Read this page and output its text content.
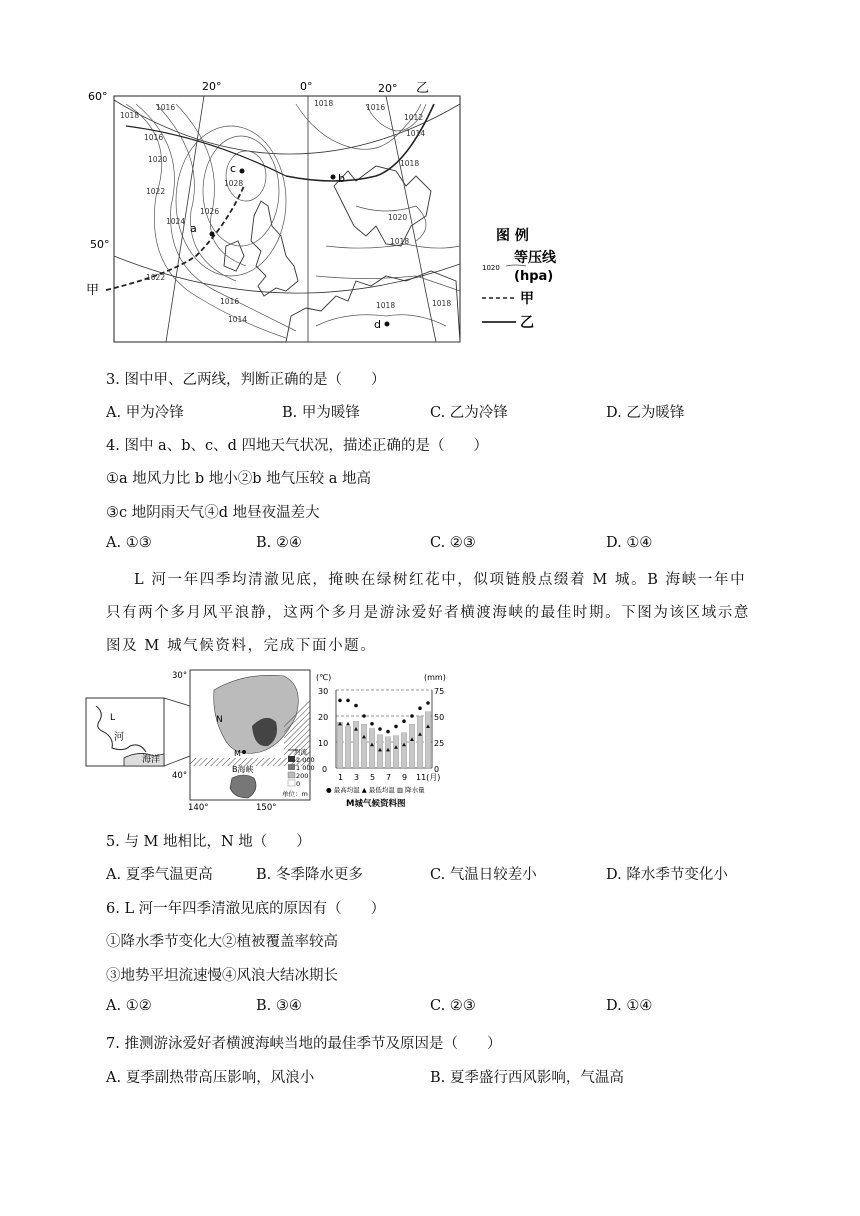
60°
50°
20°	0°	20°
甲
乙
a
b
c
d
1016	1018
1018
1016
1014
1012
1018
1016
1020
1022
1024
1026
1028
1020
1018
1022
1016
1014
1018	1018
图 例
等压线
1020
(hpa)
甲
乙
3. 图中甲、乙两线，判断正确的是（　　）
A. 甲为冷锋	B. 甲为暖锋	C. 乙为冷锋	D. 乙为暖锋
4. 图中 a、b、c、d 四地天气状况，描述正确的是（　　）
①a 地风力比 b 地小②b 地气压较 a 地高
③c 地阴雨天气④d 地昼夜温差大
A. ①③	B. ②④	C. ②③	D. ①④
L 河一年四季均清澈见底，掩映在绿树红花中，似项链般点缀着 M 城。B 海峡一年中只有两个多月风平浪静，这两个多月是游泳爱好者横渡海峡的最佳时期。下图为该区域示意图及 M 城气候资料，完成下面小题。
L
河
海洋
30°
40°
140°	150°
N
M
B海峡
河流
2 000
1 000
200
0
单位：m
(℃)	(mm)
30
20
10
0
75
50
25
0
1 3 5 7 9 11(月)
● 最高均温 ▲ 最低均温 ▥ 降水量
M城气候资料图
5. 与 M 地相比，N 地（　　）
A. 夏季气温更高	B. 冬季降水更多	C. 气温日较差小	D. 降水季节变化小
6. L 河一年四季清澈见底的原因有（　　）
①降水季节变化大②植被覆盖率较高
③地势平坦流速慢④风浪大结冰期长
A. ①②	B. ③④	C. ②③	D. ①④
7. 推测游泳爱好者横渡海峡当地的最佳季节及原因是（　　）
A. 夏季副热带高压影响，风浪小	B. 夏季盛行西风影响，气温高
